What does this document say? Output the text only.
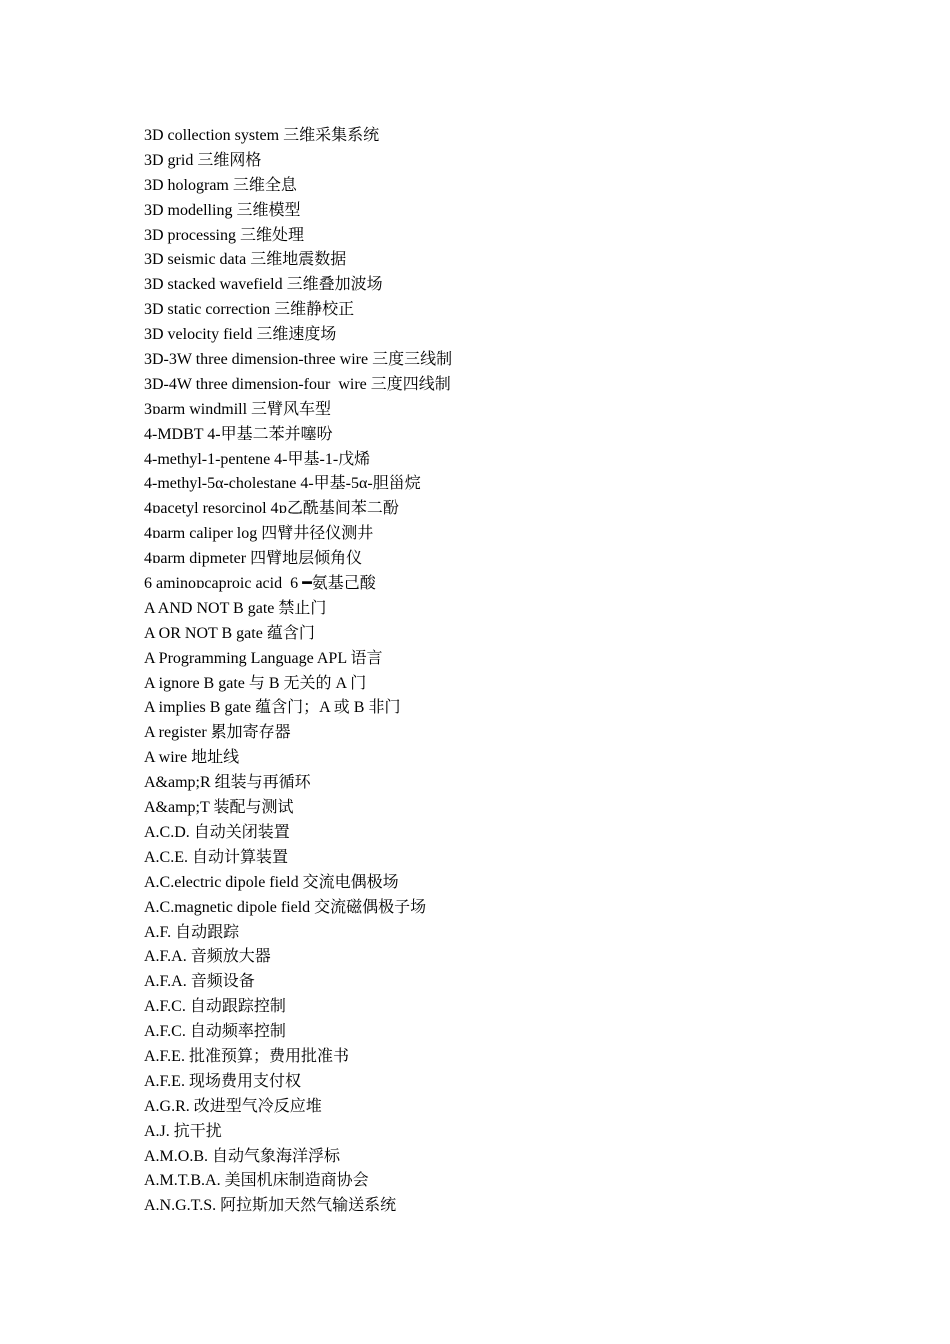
3D collection system 三维采集系统
3D grid 三维网格
3D hologram 三维全息
3D modelling 三维模型
3D processing 三维处理
3D seismic data 三维地震数据
3D stacked wavefield 三维叠加波场
3D static correction 三维静校正
3D velocity field 三维速度场
3D-3W three dimension-three wire 三度三线制
3D-4W three dimension-four  wire 三度四线制
3ɒarm windmill 三臂风车型
4-MDBT 4-甲基二苯并噻吩
4-methyl-1-pentene 4-甲基-1-戊烯
4-methyl-5α-cholestane 4-甲基-5α-胆甾烷
4ɒacetyl resorcinol 4ɒ乙酰基间苯二酚
4ɒarm caliper log 四臂井径仪测井
4ɒarm dipmeter 四臂地层倾角仪
6 aminoɒcaproic acid  6 ━氨基己酸
A AND NOT B gate 禁止门
A OR NOT B gate 蕴含门
A Programming Language APL 语言
A ignore B gate 与 B 无关的 A 门
A implies B gate 蕴含门；A 或 B 非门
A register 累加寄存器
A wire 地址线
A&amp;R 组装与再循环
A&amp;T 装配与测试
A.C.D. 自动关闭装置
A.C.E. 自动计算装置
A.C.electric dipole field 交流电偶极场
A.C.magnetic dipole field 交流磁偶极子场
A.F. 自动跟踪
A.F.A. 音频放大器
A.F.A. 音频设备
A.F.C. 自动跟踪控制
A.F.C. 自动频率控制
A.F.E. 批准预算；费用批准书
A.F.E. 现场费用支付权
A.G.R. 改进型气冷反应堆
A.J. 抗干扰
A.M.O.B. 自动气象海洋浮标
A.M.T.B.A. 美国机床制造商协会
A.N.G.T.S. 阿拉斯加天然气输送系统
